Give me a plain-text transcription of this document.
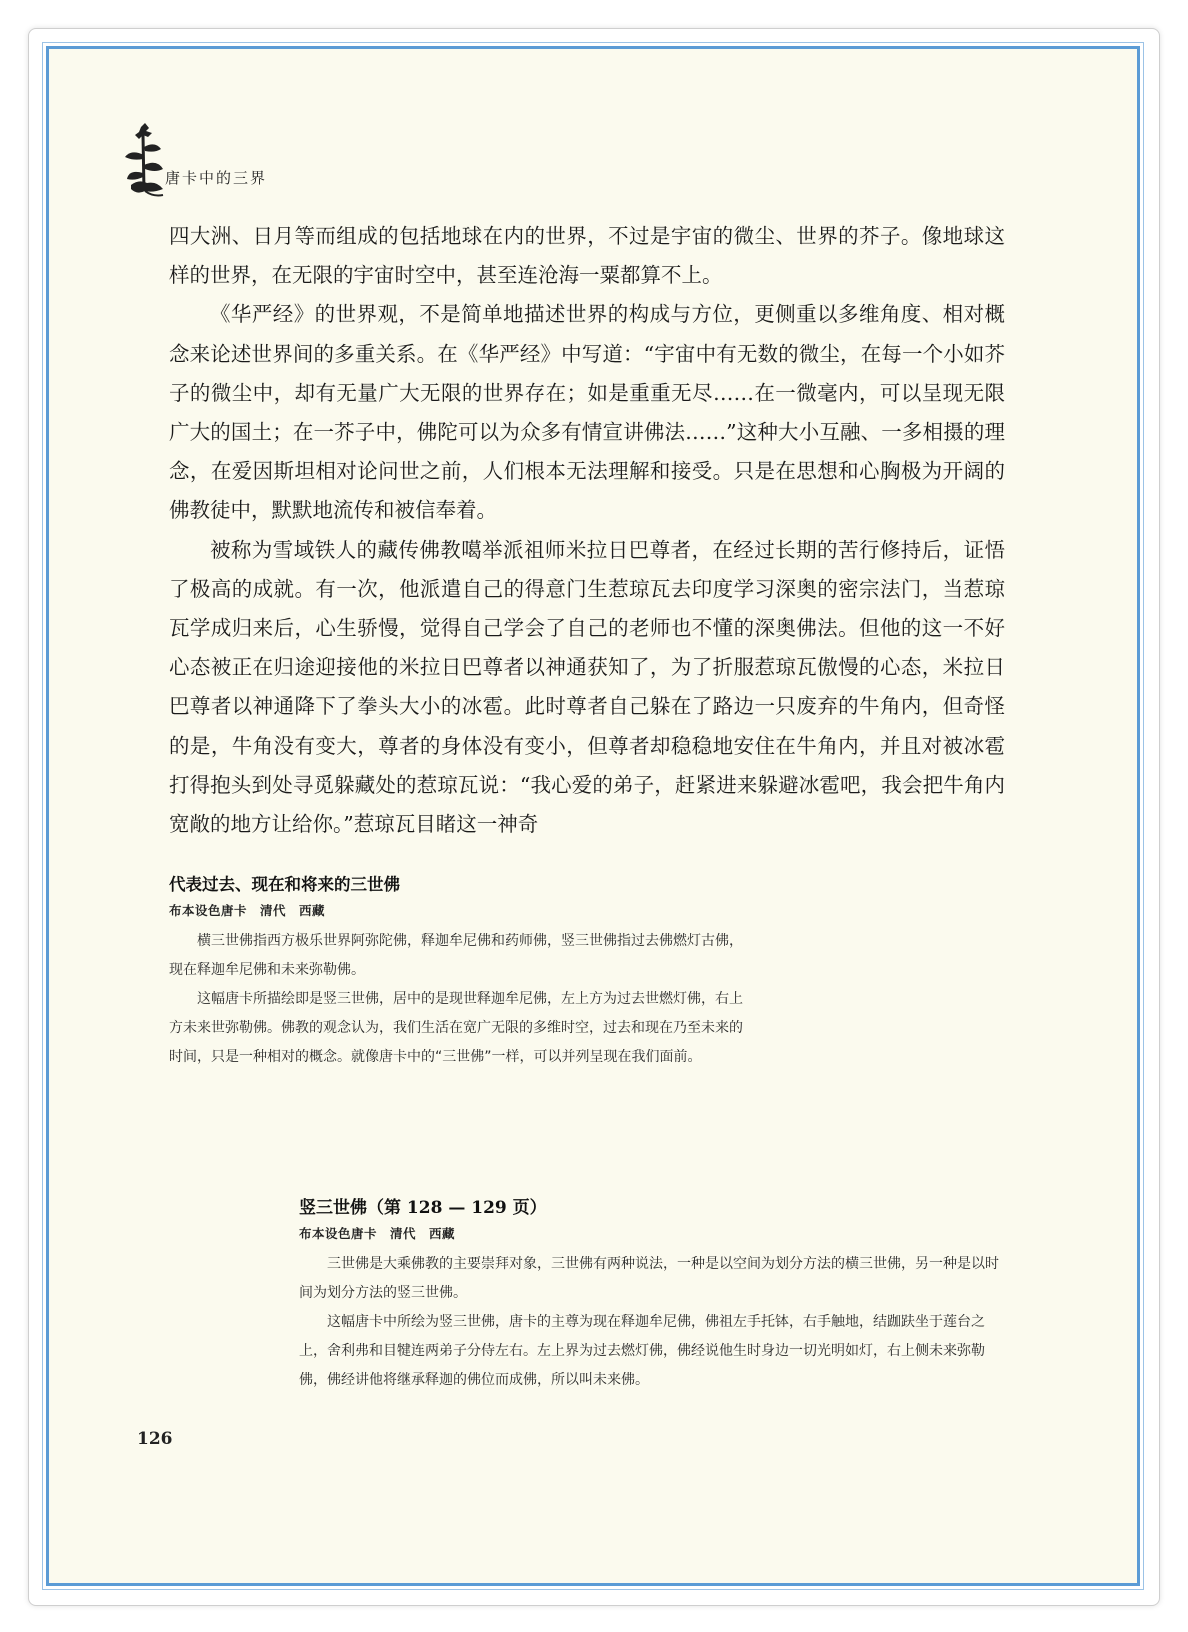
唐卡中的三界

四大洲、日月等而组成的包括地球在内的世界，不过是宇宙的微尘、世界的芥子。像地球这样的世界，在无限的宇宙时空中，甚至连沧海一粟都算不上。

《华严经》的世界观，不是简单地描述世界的构成与方位，更侧重以多维角度、相对概念来论述世界间的多重关系。在《华严经》中写道：“宇宙中有无数的微尘，在每一个小如芥子的微尘中，却有无量广大无限的世界存在；如是重重无尽……在一微毫内，可以呈现无限广大的国土；在一芥子中，佛陀可以为众多有情宣讲佛法……”这种大小互融、一多相摄的理念，在爱因斯坦相对论问世之前，人们根本无法理解和接受。只是在思想和心胸极为开阔的佛教徒中，默默地流传和被信奉着。

被称为雪域铁人的藏传佛教噶举派祖师米拉日巴尊者，在经过长期的苦行修持后，证悟了极高的成就。有一次，他派遣自己的得意门生惹琼瓦去印度学习深奥的密宗法门，当惹琼瓦学成归来后，心生骄慢，觉得自己学会了自己的老师也不懂的深奥佛法。但他的这一不好心态被正在归途迎接他的米拉日巴尊者以神通获知了，为了折服惹琼瓦傲慢的心态，米拉日巴尊者以神通降下了拳头大小的冰雹。此时尊者自己躲在了路边一只废弃的牛角内，但奇怪的是，牛角没有变大，尊者的身体没有变小，但尊者却稳稳地安住在牛角内，并且对被冰雹打得抱头到处寻觅躲藏处的惹琼瓦说：“我心爱的弟子，赶紧进来躲避冰雹吧，我会把牛角内宽敞的地方让给你。”惹琼瓦目睹这一神奇

代表过去、现在和将来的三世佛
布本设色唐卡　清代　西藏

横三世佛指西方极乐世界阿弥陀佛，释迦牟尼佛和药师佛，竖三世佛指过去佛燃灯古佛，现在释迦牟尼佛和未来弥勒佛。

这幅唐卡所描绘即是竖三世佛，居中的是现世释迦牟尼佛，左上方为过去世燃灯佛，右上方未来世弥勒佛。佛教的观念认为，我们生活在宽广无限的多维时空，过去和现在乃至未来的时间，只是一种相对的概念。就像唐卡中的“三世佛”一样，可以并列呈现在我们面前。

竖三世佛（第 128 — 129 页）
布本设色唐卡　清代　西藏

三世佛是大乘佛教的主要崇拜对象，三世佛有两种说法，一种是以空间为划分方法的横三世佛，另一种是以时间为划分方法的竖三世佛。

这幅唐卡中所绘为竖三世佛，唐卡的主尊为现在释迦牟尼佛，佛祖左手托钵，右手触地，结跏趺坐于莲台之上，舍利弗和目犍连两弟子分侍左右。左上界为过去燃灯佛，佛经说他生时身边一切光明如灯，右上侧未来弥勒佛，佛经讲他将继承释迦的佛位而成佛，所以叫未来佛。

126
